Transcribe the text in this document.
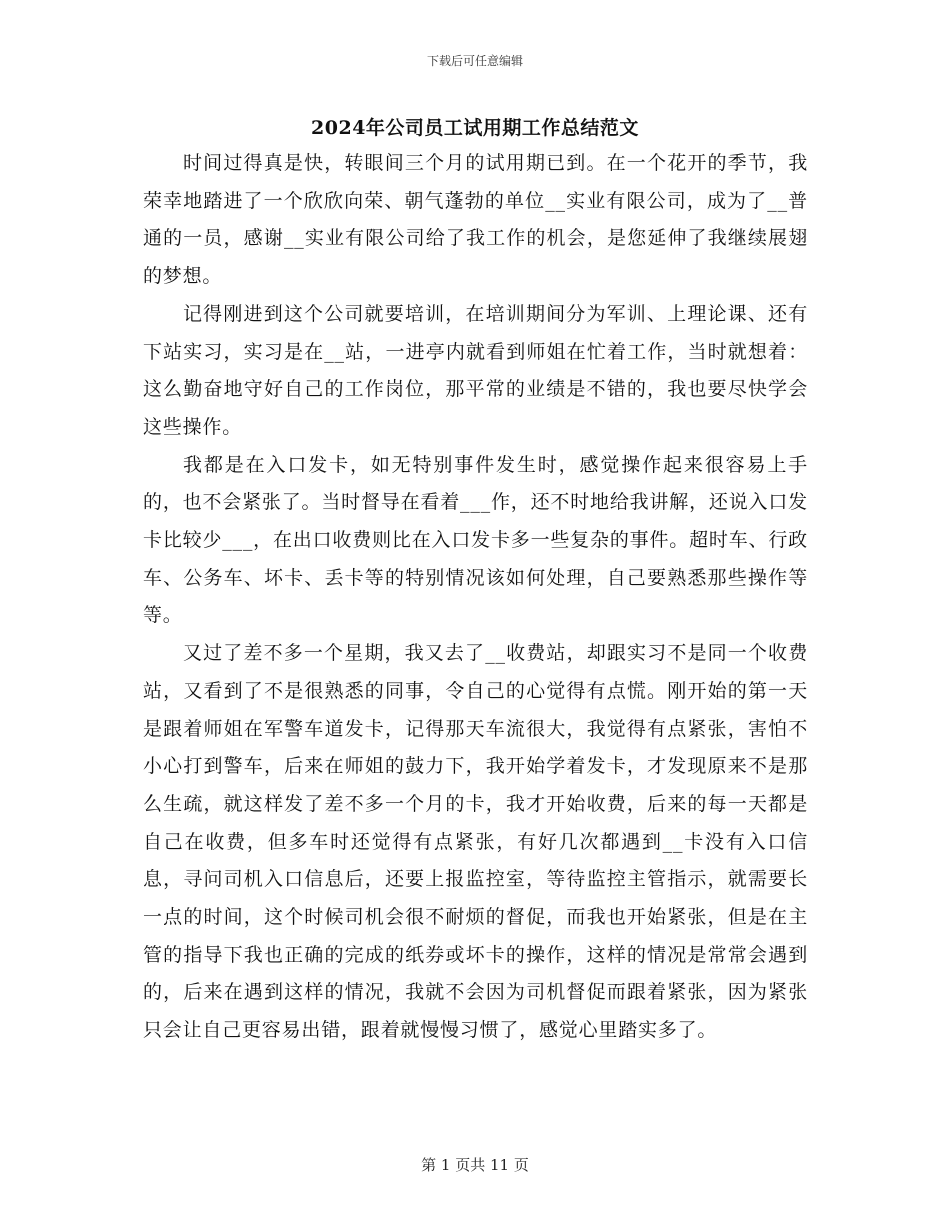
下载后可任意编辑
2024年公司员工试用期工作总结范文

时间过得真是快，转眼间三个月的试用期已到。在一个花开的季节，我荣幸地踏进了一个欣欣向荣、朝气蓬勃的单位__实业有限公司，成为了__普通的一员，感谢__实业有限公司给了我工作的机会，是您延伸了我继续展翅的梦想。

记得刚进到这个公司就要培训，在培训期间分为军训、上理论课、还有下站实习，实习是在__站，一进亭内就看到师姐在忙着工作，当时就想着：这么勤奋地守好自己的工作岗位，那平常的业绩是不错的，我也要尽快学会这些操作。

我都是在入口发卡，如无特别事件发生时，感觉操作起来很容易上手的，也不会紧张了。当时督导在看着___作，还不时地给我讲解，还说入口发卡比较少___，在出口收费则比在入口发卡多一些复杂的事件。超时车、行政车、公务车、坏卡、丢卡等的特别情况该如何处理，自己要熟悉那些操作等等。

又过了差不多一个星期，我又去了__收费站，却跟实习不是同一个收费站，又看到了不是很熟悉的同事，令自己的心觉得有点慌。刚开始的第一天是跟着师姐在军警车道发卡，记得那天车流很大，我觉得有点紧张，害怕不小心打到警车，后来在师姐的鼓力下，我开始学着发卡，才发现原来不是那么生疏，就这样发了差不多一个月的卡，我才开始收费，后来的每一天都是自己在收费，但多车时还觉得有点紧张，有好几次都遇到__卡没有入口信息，寻问司机入口信息后，还要上报监控室，等待监控主管指示，就需要长一点的时间，这个时候司机会很不耐烦的督促，而我也开始紧张，但是在主管的指导下我也正确的完成的纸券或坏卡的操作，这样的情况是常常会遇到的，后来在遇到这样的情况，我就不会因为司机督促而跟着紧张，因为紧张只会让自己更容易出错，跟着就慢慢习惯了，感觉心里踏实多了。

第 1 页共 11 页
